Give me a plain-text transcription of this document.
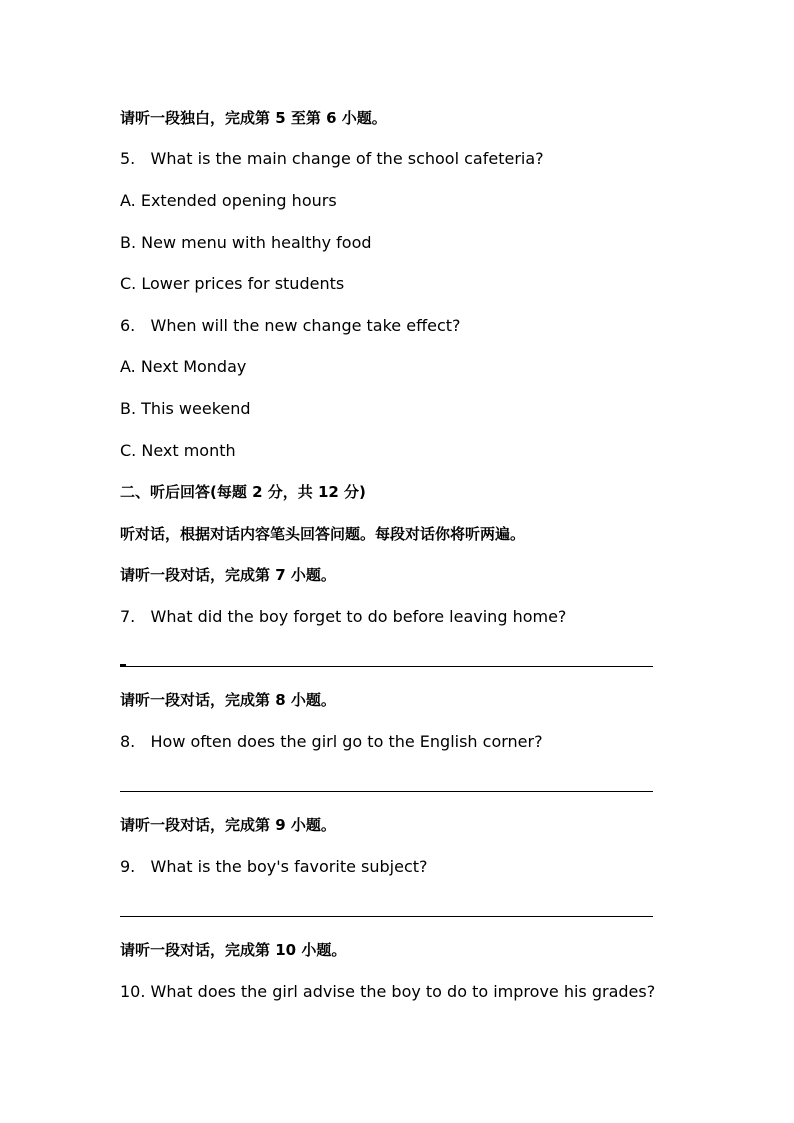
请听一段独白，完成第 5 至第 6 小题。
5.   What is the main change of the school cafeteria?
A. Extended opening hours
B. New menu with healthy food
C. Lower prices for students
6.   When will the new change take effect?
A. Next Monday
B. This weekend
C. Next month
二、听后回答(每题 2 分，共 12 分)
听对话，根据对话内容笔头回答问题。每段对话你将听两遍。
请听一段对话，完成第 7 小题。
7.   What did the boy forget to do before leaving home?
请听一段对话，完成第 8 小题。
8.   How often does the girl go to the English corner?
请听一段对话，完成第 9 小题。
9.   What is the boy's favorite subject?
请听一段对话，完成第 10 小题。
10. What does the girl advise the boy to do to improve his grades?
